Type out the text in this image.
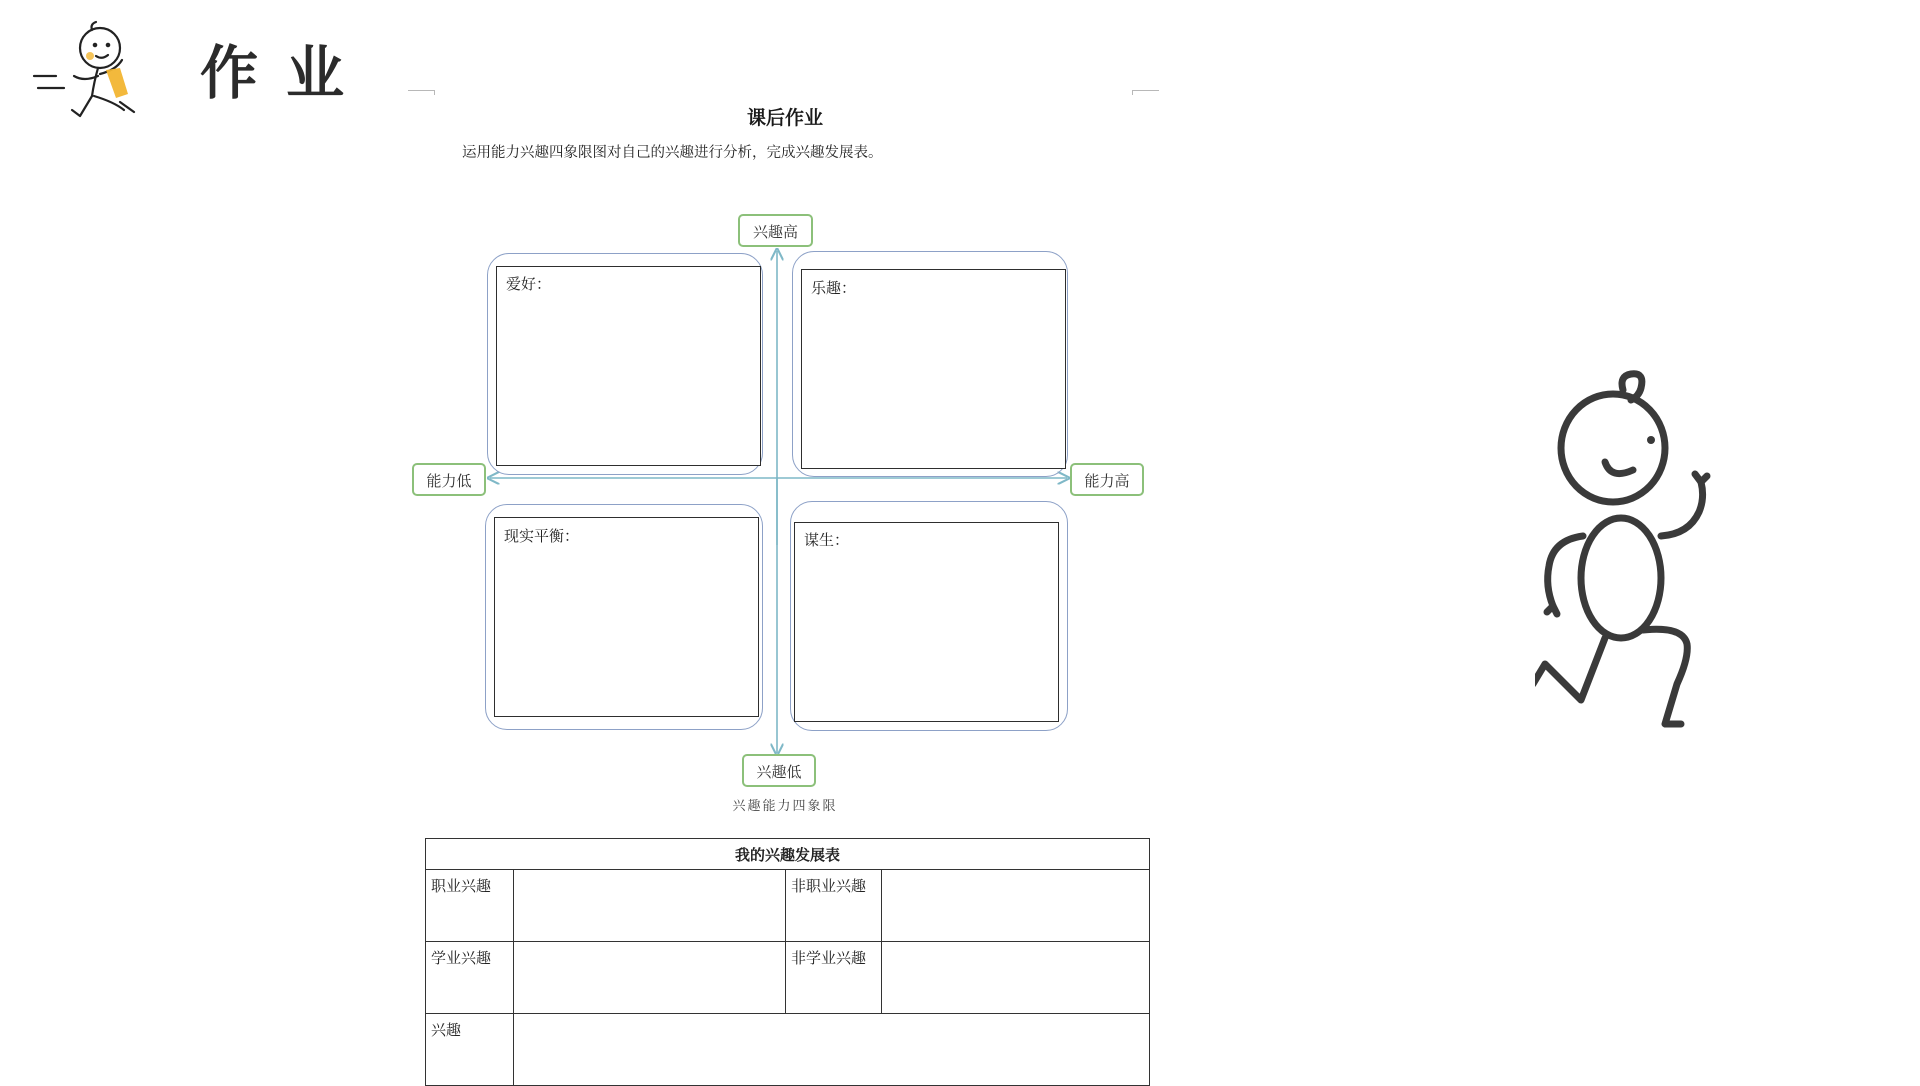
作业
课后作业
运用能力兴趣四象限图对自己的兴趣进行分析，完成兴趣发展表。
爱好：	乐趣：
现实平衡：	谋生：
兴趣高
兴趣低
能力低	能力高
兴趣能力四象限
我的兴趣发展表			
职业兴趣		非职业兴趣	
学业兴趣		非学业兴趣	
兴趣			
